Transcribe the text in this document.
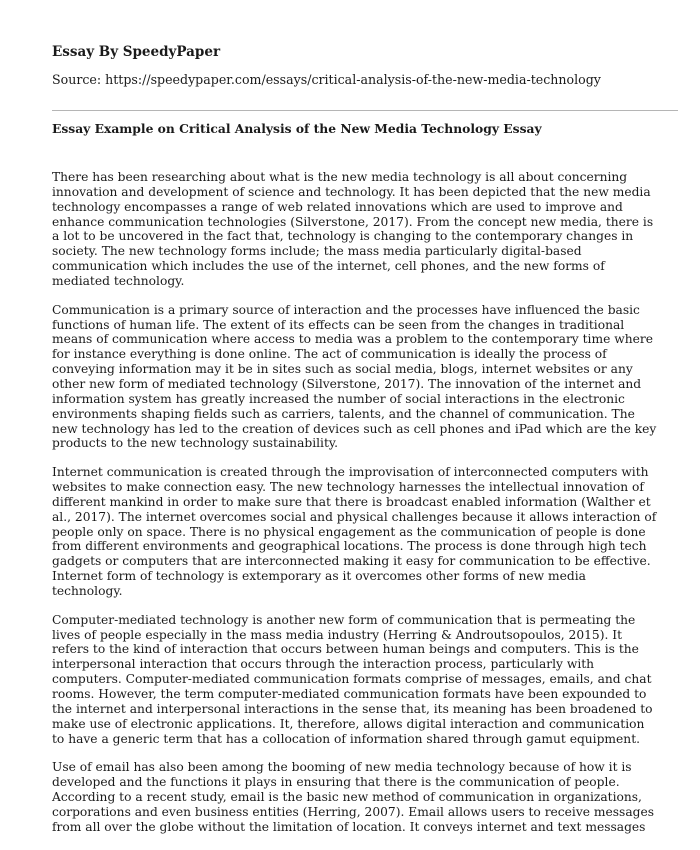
Essay By SpeedyPaper

Source: https://speedypaper.com/essays/critical-analysis-of-the-new-media-technology

Essay Example on Critical Analysis of the New Media Technology Essay

There has been researching about what is the new media technology is all about concerning innovation and development of science and technology. It has been depicted that the new media technology encompasses a range of web related innovations which are used to improve and enhance communication technologies (Silverstone, 2017). From the concept new media, there is a lot to be uncovered in the fact that, technology is changing to the contemporary changes in society. The new technology forms include; the mass media particularly digital-based communication which includes the use of the internet, cell phones, and the new forms of mediated technology.

Communication is a primary source of interaction and the processes have influenced the basic functions of human life. The extent of its effects can be seen from the changes in traditional means of communication where access to media was a problem to the contemporary time where for instance everything is done online. The act of communication is ideally the process of conveying information may it be in sites such as social media, blogs, internet websites or any other new form of mediated technology (Silverstone, 2017). The innovation of the internet and information system has greatly increased the number of social interactions in the electronic environments shaping fields such as carriers, talents, and the channel of communication. The new technology has led to the creation of devices such as cell phones and iPad which are the key products to the new technology sustainability.

Internet communication is created through the improvisation of interconnected computers with websites to make connection easy. The new technology harnesses the intellectual innovation of different mankind in order to make sure that there is broadcast enabled information (Walther et al., 2017). The internet overcomes social and physical challenges because it allows interaction of people only on space. There is no physical engagement as the communication of people is done from different environments and geographical locations. The process is done through high tech gadgets or computers that are interconnected making it easy for communication to be effective. Internet form of technology is extemporary as it overcomes other forms of new media technology.

Computer-mediated technology is another new form of communication that is permeating the lives of people especially in the mass media industry (Herring & Androutsopoulos, 2015). It refers to the kind of interaction that occurs between human beings and computers. This is the interpersonal interaction that occurs through the interaction process, particularly with computers. Computer-mediated communication formats comprise of messages, emails, and chat rooms. However, the term computer-mediated communication formats have been expounded to the internet and interpersonal interactions in the sense that, its meaning has been broadened to make use of electronic applications. It, therefore, allows digital interaction and communication to have a generic term that has a collocation of information shared through gamut equipment.

Use of email has also been among the booming of new media technology because of how it is developed and the functions it plays in ensuring that there is the communication of people. According to a recent study, email is the basic new method of communication in organizations, corporations and even business entities (Herring, 2007). Email allows users to receive messages from all over the globe without the limitation of location. It conveys internet and text messages
